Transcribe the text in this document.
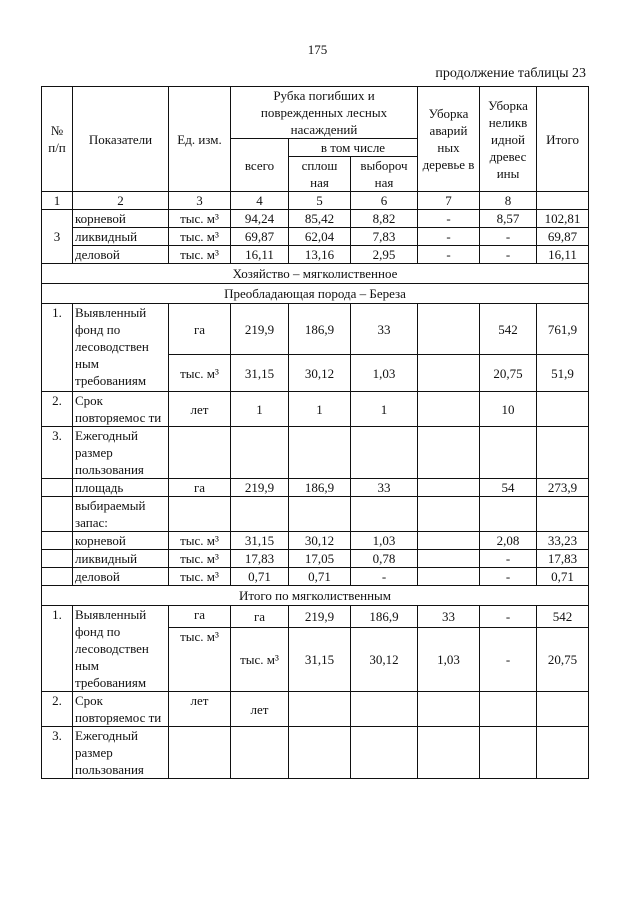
175
продолжение таблицы 23
№ п/п	Показатели	Ед. изм.	Рубка погибших и поврежденных лесных насаждений			Уборка аварий ных деревье в	Уборка неликв идной древес ины	Итого
			всего	в том числе				
				сплош ная	выбороч ная			
1	2	3	4	5	6	7	8	
3	корневой	тыс. м³	94,24	85,42	8,82	-	8,57	102,81
	ликвидный	тыс. м³	69,87	62,04	7,83	-	-	69,87
	деловой	тыс. м³	16,11	13,16	2,95	-	-	16,11
Хозяйство – мягколиственное								
Преобладающая порода – Береза								
1.	Выявленный фонд по лесоводствен ным требованиям	га	219,9	186,9	33		542	761,9
		тыс. м³	31,15	30,12	1,03		20,75	51,9
2.	Срок повторяемос ти	лет	1	1	1		10	
3.	Ежегодный размер пользования							
	площадь	га	219,9	186,9	33		54	273,9
	выбираемый запас:							
	корневой	тыс. м³	31,15	30,12	1,03		2,08	33,23
	ликвидный	тыс. м³	17,83	17,05	0,78		-	17,83
	деловой	тыс. м³	0,71	0,71	-		-	0,71
Итого по мягколиственным								
1.	Выявленный фонд по лесоводствен ным требованиям	га	га	219,9	186,9	33	-	542
		тыс. м³	тыс. м³	31,15	30,12	1,03	-	20,75
2.	Срок повторяемос ти	лет	лет					
3.	Ежегодный размер пользования							
